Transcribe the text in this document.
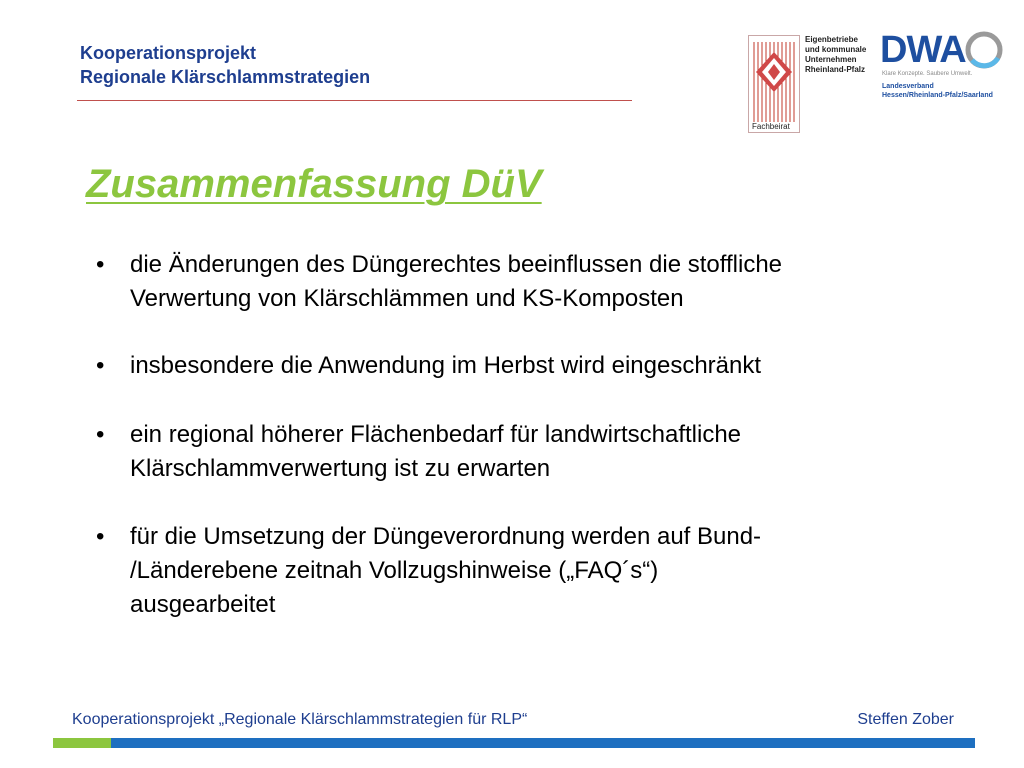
Kooperationsprojekt
Regionale Klärschlammstrategien
Fachbeirat
Eigenbetriebe
und kommunale
Unternehmen
Rheinland-Pfalz DWA
Klare Konzepte. Saubere Umwelt.
Landesverband
Hessen/Rheinland-Pfalz/Saarland
Zusammenfassung DüV
•	die Änderungen des Düngerechtes beeinflussen die stoffliche
Verwertung von Klärschlämmen und KS-Komposten
•	insbesondere die Anwendung im Herbst wird eingeschränkt
•	ein regional höherer Flächenbedarf für landwirtschaftliche
Klärschlammverwertung ist zu erwarten
•	für die Umsetzung der Düngeverordnung werden auf Bund-
/Länderebene zeitnah Vollzugshinweise („FAQ´s“)
ausgearbeitet
Kooperationsprojekt „Regionale Klärschlammstrategien für RLP“	Steffen Zober
